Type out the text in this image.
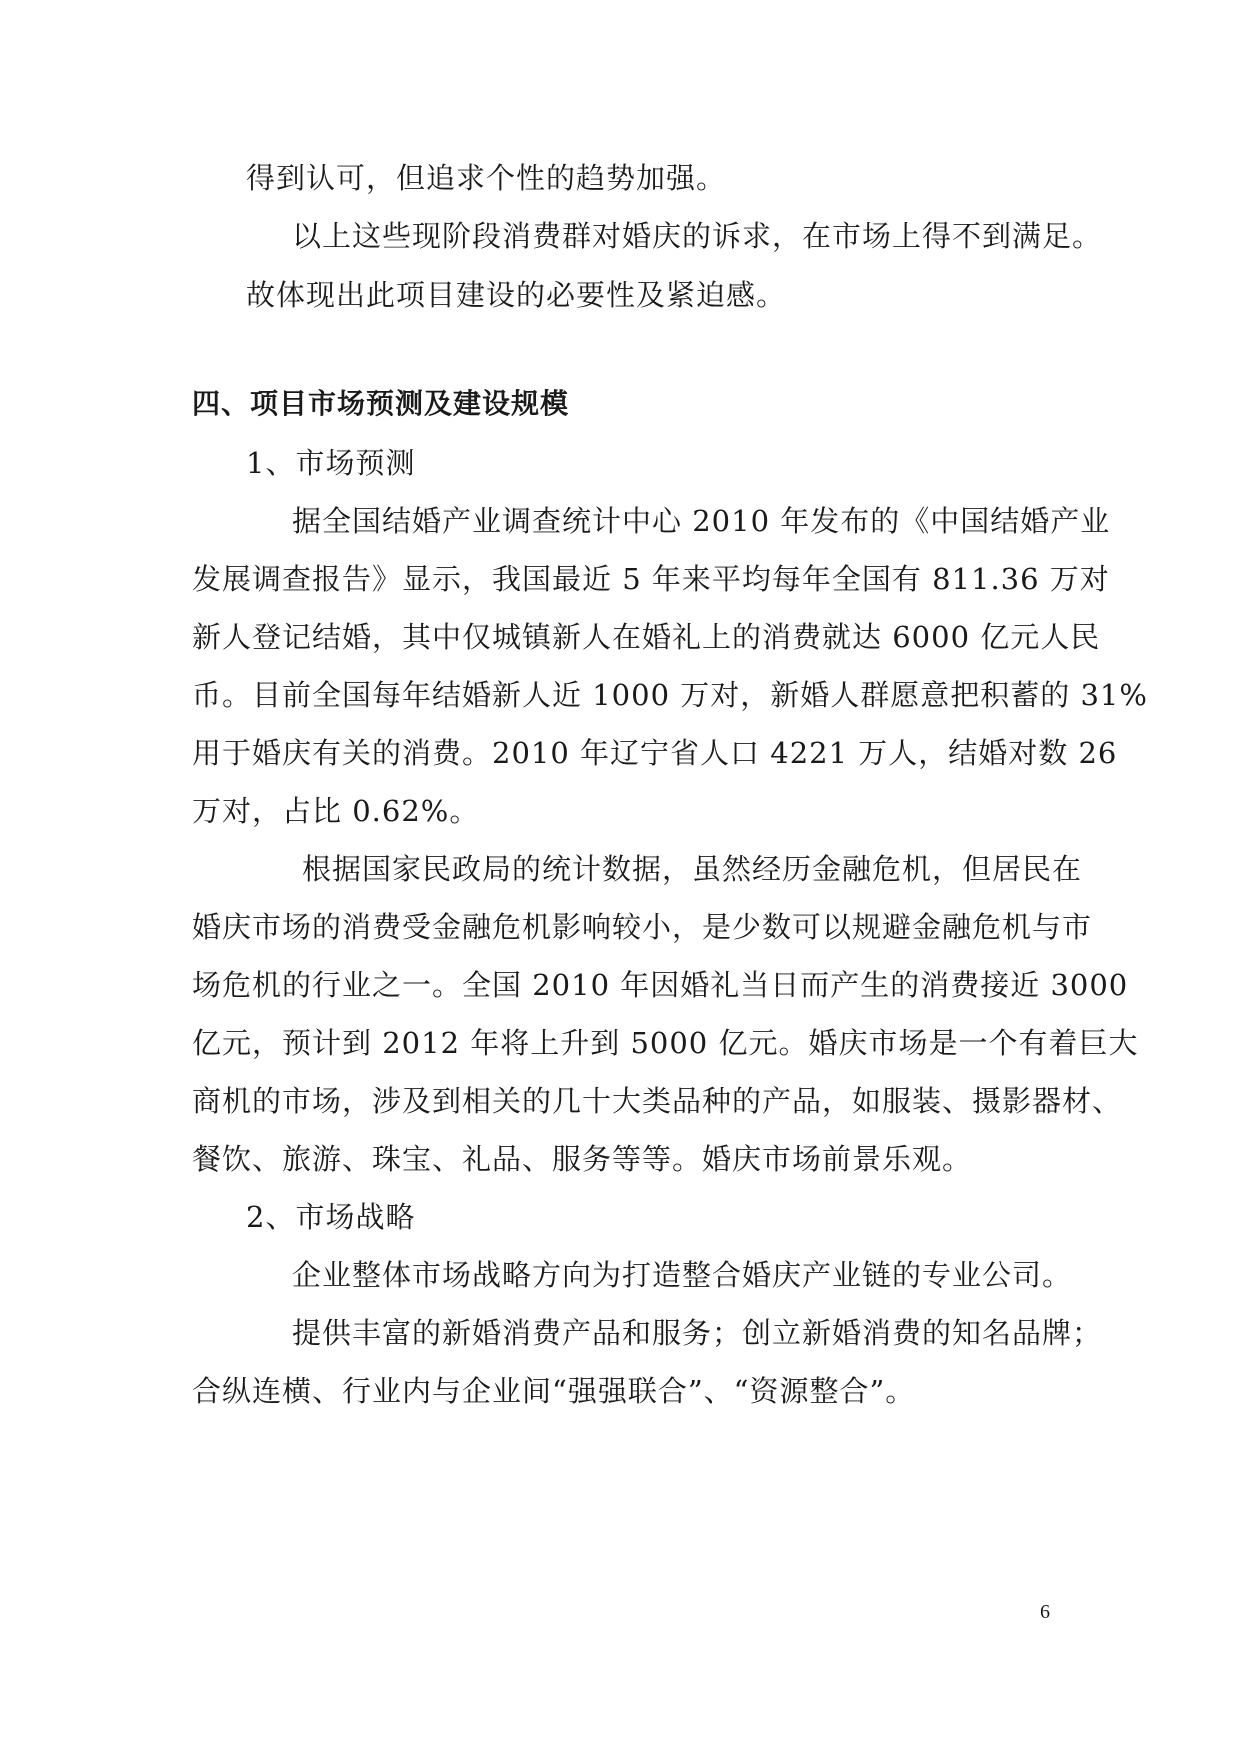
得到认可，但追求个性的趋势加强。
以上这些现阶段消费群对婚庆的诉求，在市场上得不到满足。
故体现出此项目建设的必要性及紧迫感。
四、项目市场预测及建设规模
1、市场预测
据全国结婚产业调查统计中心 2010 年发布的《中国结婚产业
发展调查报告》显示，我国最近 5 年来平均每年全国有 811.36 万对
新人登记结婚，其中仅城镇新人在婚礼上的消费就达 6000 亿元人民
币。目前全国每年结婚新人近 1000 万对，新婚人群愿意把积蓄的 31%
用于婚庆有关的消费。2010 年辽宁省人口 4221 万人，结婚对数 26
万对，占比 0.62%。
根据国家民政局的统计数据，虽然经历金融危机，但居民在
婚庆市场的消费受金融危机影响较小，是少数可以规避金融危机与市
场危机的行业之一。全国 2010 年因婚礼当日而产生的消费接近 3000
亿元，预计到 2012 年将上升到 5000 亿元。婚庆市场是一个有着巨大
商机的市场，涉及到相关的几十大类品种的产品，如服装、摄影器材、
餐饮、旅游、珠宝、礼品、服务等等。婚庆市场前景乐观。
2、市场战略
企业整体市场战略方向为打造整合婚庆产业链的专业公司。
提供丰富的新婚消费产品和服务；创立新婚消费的知名品牌；
合纵连横、行业内与企业间“强强联合”、“资源整合”。
6
